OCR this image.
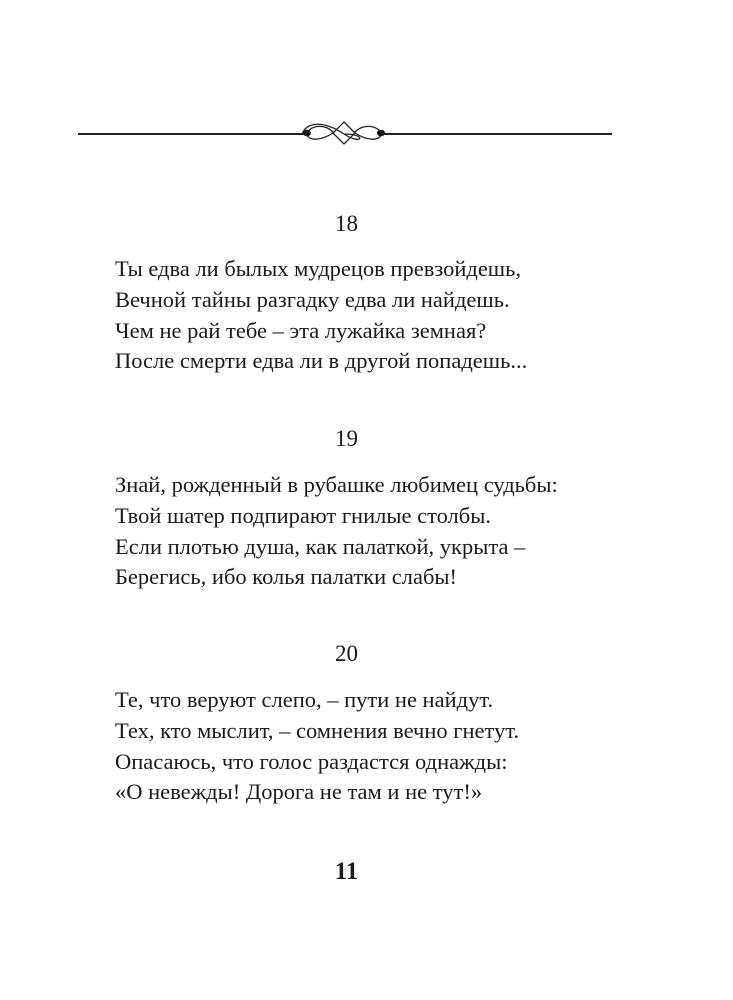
18
Ты едва ли былых мудрецов превзойдешь,
Вечной тайны разгадку едва ли найдешь.
Чем не рай тебе – эта лужайка земная?
После смерти едва ли в другой попадешь...
19
Знай, рожденный в рубашке любимец судьбы:
Твой шатер подпирают гнилые столбы.
Если плотью душа, как палаткой, укрыта –
Берегись, ибо колья палатки слабы!
20
Те, что веруют слепо, – пути не найдут.
Тех, кто мыслит, – сомнения вечно гнетут.
Опасаюсь, что голос раздастся однажды:
«О невежды! Дорога не там и не тут!»
11
